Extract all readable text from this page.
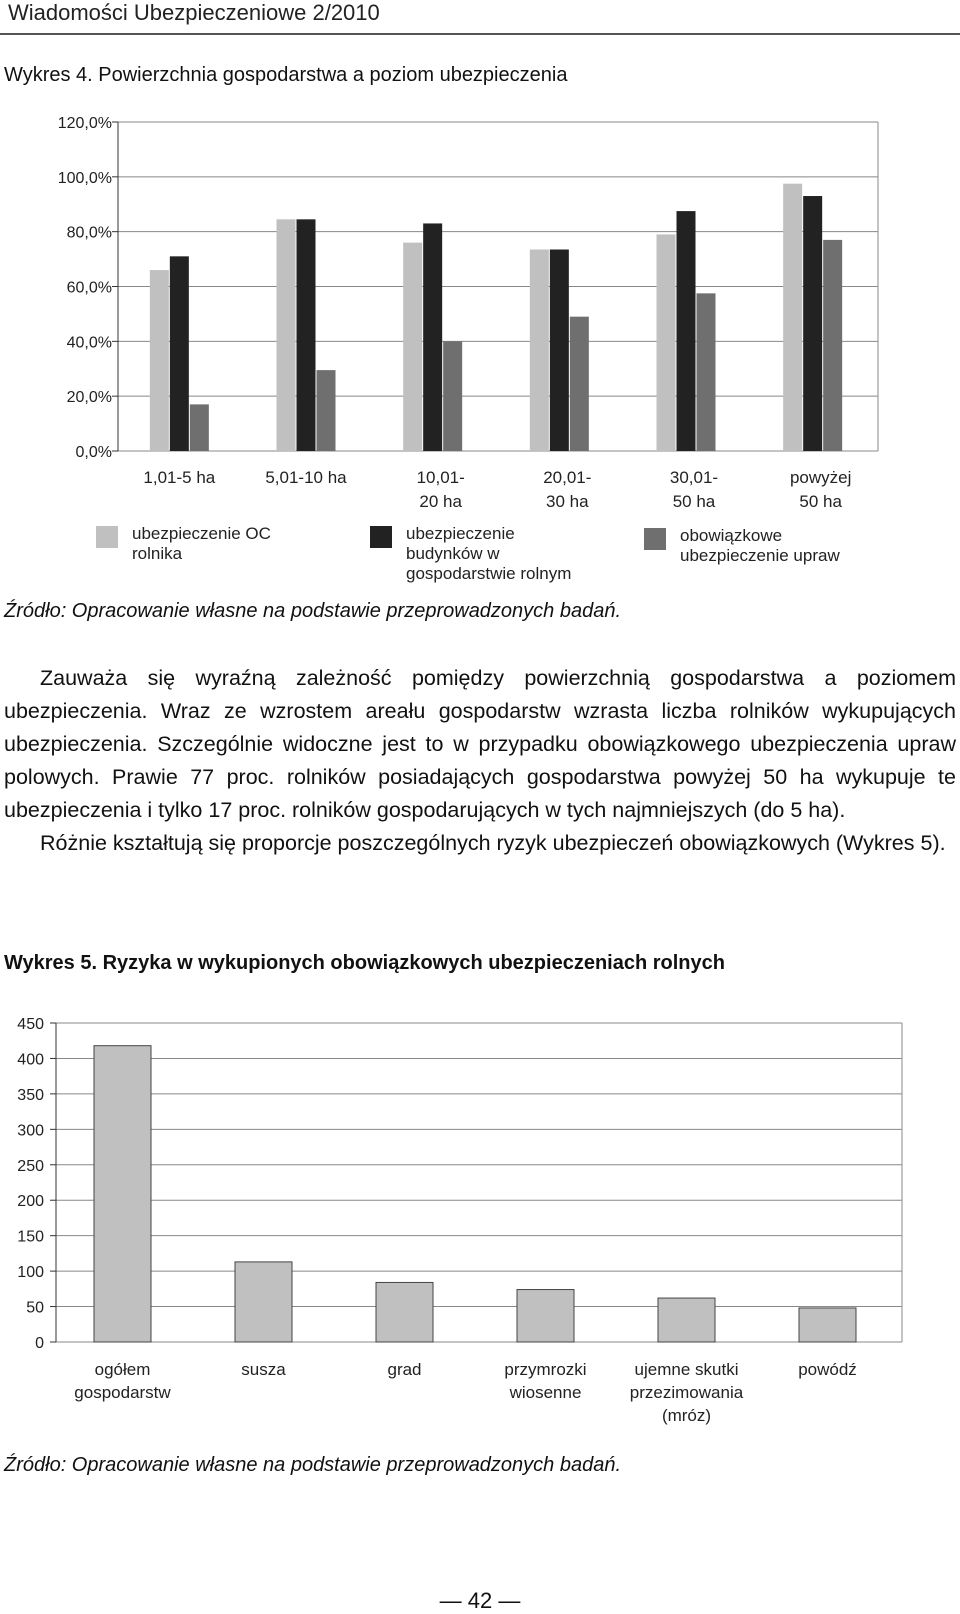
Wiadomości Ubezpieczeniowe 2/2010
Wykres 4. Powierzchnia gospodarstwa a poziom ubezpieczenia
0,0%
20,0%
40,0%
60,0%
80,0%
100,0%
120,0%
1,01-5 ha	5,01-10 ha	10,01-
20 ha
20,01-
30 ha
30,01-
50 ha
powyżej
50 ha
ubezpieczenie OC
rolnika
ubezpieczenie
budynków w
gospodarstwie rolnym
obowiązkowe
ubezpieczenie upraw
Źródło: Opracowanie własne na podstawie przeprowadzonych badań.

Zauważa się wyraźną zależność pomiędzy powierzchnią gospodarstwa a poziomem ubezpieczenia. Wraz ze wzrostem areału gospodarstw wzrasta liczba rolników wykupujących ubezpieczenia. Szczególnie widoczne jest to w przypadku obowiązkowego ubezpieczenia upraw polowych. Prawie 77 proc. rolników posiadających gospodarstwa powyżej 50 ha wykupuje te ubezpieczenia i tylko 17 proc. rolników gospodarujących w tych najmniejszych (do 5 ha).

Różnie kształtują się proporcje poszczególnych ryzyk ubezpieczeń obowiązkowych (Wykres 5).

Wykres 5. Ryzyka w wykupionych obowiązkowych ubezpieczeniach rolnych
0
50
100
150
200
250
300
350
400
450
ogółem
gospodarstw
susza	grad	przymrozki
wiosenne
ujemne skutki
przezimowania
(mróz)
powódź
Źródło: Opracowanie własne na podstawie przeprowadzonych badań.
— 42 —
